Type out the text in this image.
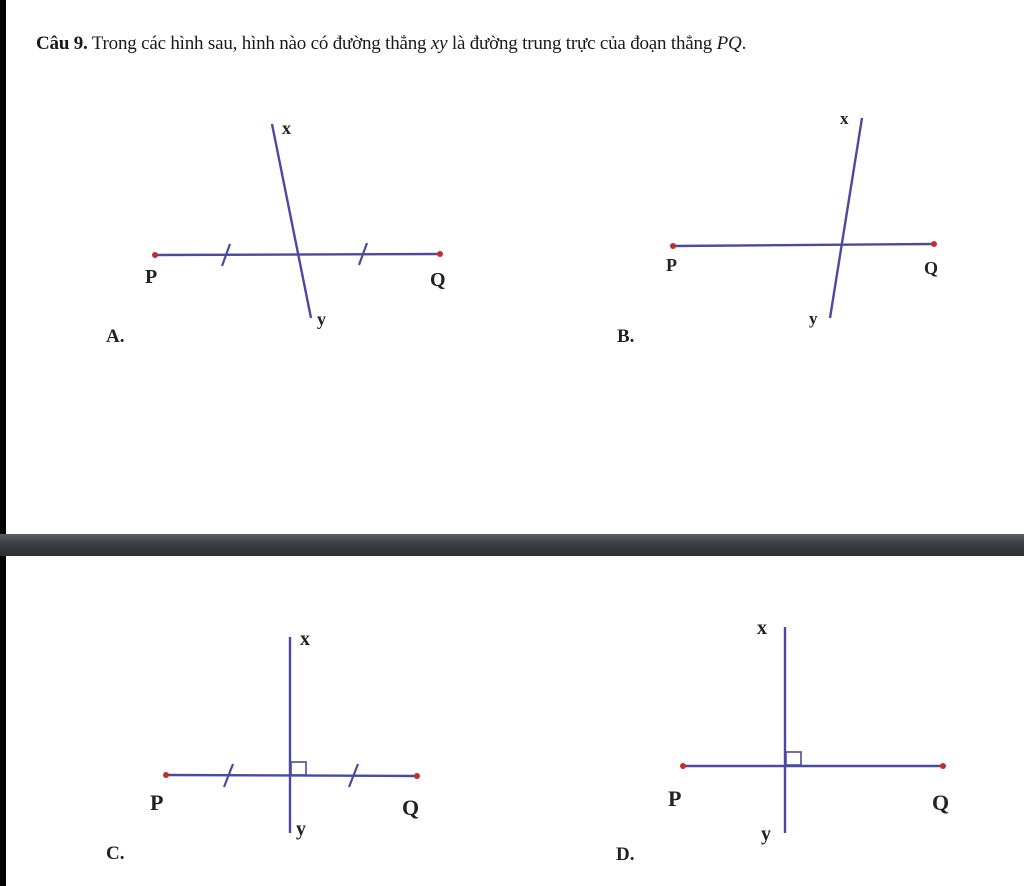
Câu 9. Trong các hình sau, hình nào có đường thẳng xy là đường trung trực của đoạn thẳng PQ.
P	Q
x
y
A.
P	Q
x
y
B.
P	Q
x
y
C.
P	Q
x
y
D.
